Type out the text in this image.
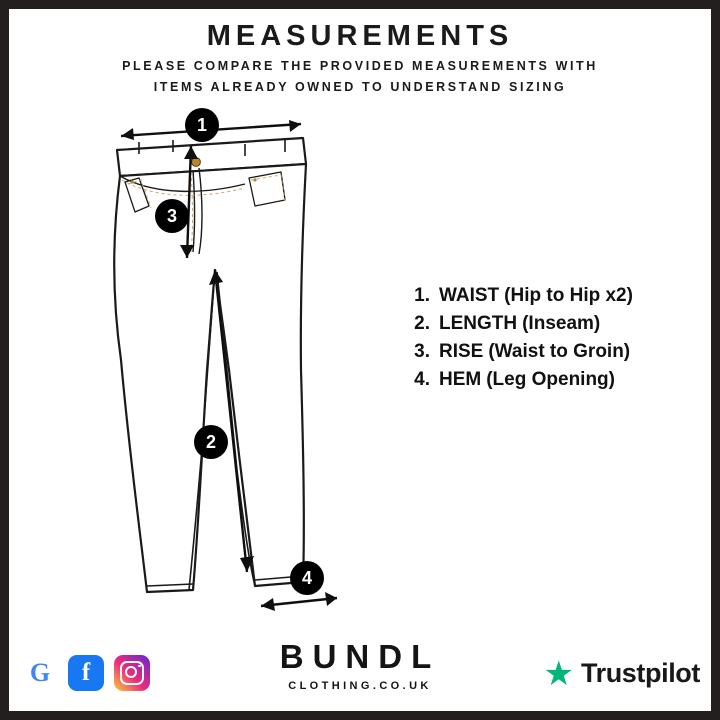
MEASUREMENTS
PLEASE COMPARE THE PROVIDED MEASUREMENTS WITH
ITEMS ALREADY OWNED TO UNDERSTAND SIZING
1
3
2
4
1. WAIST (Hip to Hip x2)
2. LENGTH (Inseam)
3. RISE (Waist to Groin)
4. HEM (Leg Opening)
BUNDL
CLOTHING.CO.UK
G	f	★ Trustpilot
